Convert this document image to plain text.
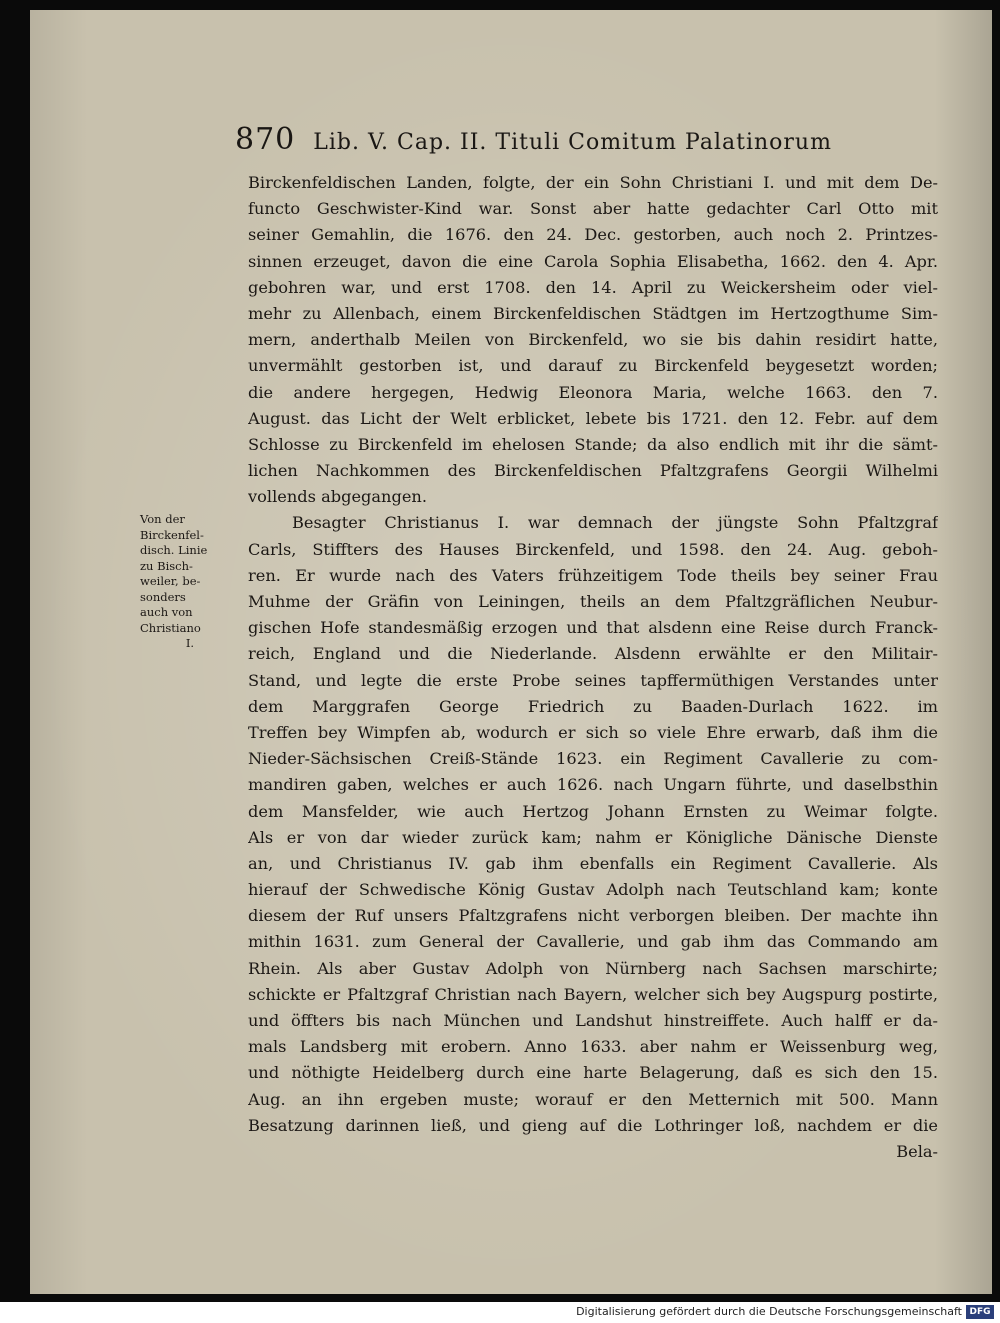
870 Lib. V. Cap. II. Tituli Comitum Palatinorum
Von der
Birckenfel-
disch. Linie
zu Bisch-
weiler, be-
sonders
auch von
Christiano
I.
Birckenfeldischen Landen, folgte, der ein Sohn Christiani I. und mit dem De-
functo Geschwister-Kind war. Sonst aber hatte gedachter Carl Otto mit
seiner Gemahlin, die 1676. den 24. Dec. gestorben, auch noch 2. Printzes-
sinnen erzeuget, davon die eine Carola Sophia Elisabetha, 1662. den 4. Apr.
gebohren war, und erst 1708. den 14. April zu Weickersheim oder viel-
mehr zu Allenbach, einem Birckenfeldischen Städtgen im Hertzogthume Sim-
mern, anderthalb Meilen von Birckenfeld, wo sie bis dahin residirt hatte,
unvermählt gestorben ist, und darauf zu Birckenfeld beygesetzt worden;
die andere hergegen, Hedwig Eleonora Maria, welche 1663. den 7.
August. das Licht der Welt erblicket, lebete bis 1721. den 12. Febr. auf dem
Schlosse zu Birckenfeld im ehelosen Stande; da also endlich mit ihr die sämt-
lichen Nachkommen des Birckenfeldischen Pfaltzgrafens Georgii Wilhelmi
vollends abgegangen.
Besagter Christianus I. war demnach der jüngste Sohn Pfaltzgraf
Carls, Stiffters des Hauses Birckenfeld, und 1598. den 24. Aug. geboh-
ren. Er wurde nach des Vaters frühzeitigem Tode theils bey seiner Frau
Muhme der Gräfin von Leiningen, theils an dem Pfaltzgräflichen Neubur-
gischen Hofe standesmäßig erzogen und that alsdenn eine Reise durch Franck-
reich, England und die Niederlande. Alsdenn erwählte er den Militair-
Stand, und legte die erste Probe seines tapffermüthigen Verstandes unter
dem Marggrafen George Friedrich zu Baaden-Durlach 1622. im
Treffen bey Wimpfen ab, wodurch er sich so viele Ehre erwarb, daß ihm die
Nieder-Sächsischen Creiß-Stände 1623. ein Regiment Cavallerie zu com-
mandiren gaben, welches er auch 1626. nach Ungarn führte, und daselbsthin
dem Mansfelder, wie auch Hertzog Johann Ernsten zu Weimar folgte.
Als er von dar wieder zurück kam; nahm er Königliche Dänische Dienste
an, und Christianus IV. gab ihm ebenfalls ein Regiment Cavallerie. Als
hierauf der Schwedische König Gustav Adolph nach Teutschland kam; konte
diesem der Ruf unsers Pfaltzgrafens nicht verborgen bleiben. Der machte ihn
mithin 1631. zum General der Cavallerie, und gab ihm das Commando am
Rhein. Als aber Gustav Adolph von Nürnberg nach Sachsen marschirte;
schickte er Pfaltzgraf Christian nach Bayern, welcher sich bey Augspurg postirte,
und öffters bis nach München und Landshut hinstreiffete. Auch halff er da-
mals Landsberg mit erobern. Anno 1633. aber nahm er Weissenburg weg,
und nöthigte Heidelberg durch eine harte Belagerung, daß es sich den 15.
Aug. an ihn ergeben muste; worauf er den Metternich mit 500. Mann
Besatzung darinnen ließ, und gieng auf die Lothringer loß, nachdem er die
Bela-
Digitalisierung gefördert durch die Deutsche Forschungsgemeinschaft DFG
